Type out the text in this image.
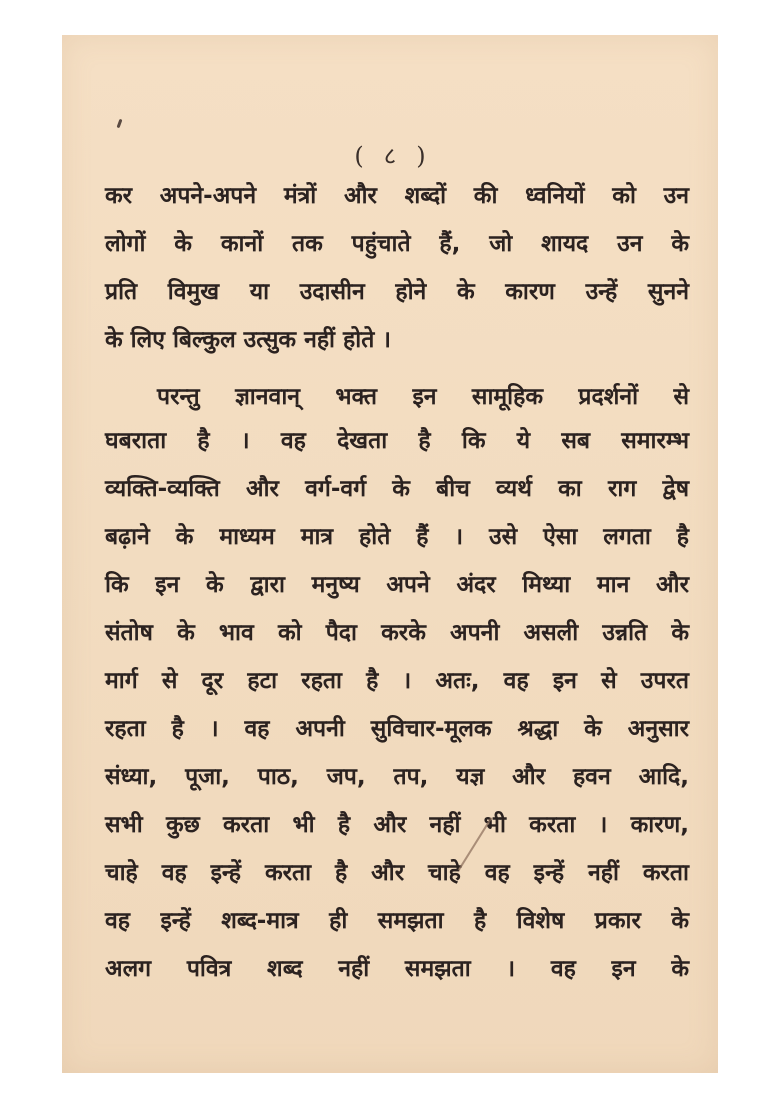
( ८ )
कर अपने-अपने मंत्रों और शब्दों की ध्वनियों को उन
लोगों के कानों तक पहुंचाते हैं, जो शायद उन के
प्रति विमुख या उदासीन होने के कारण उन्हें सुनने
के लिए बिल्कुल उत्सुक नहीं होते ।
परन्तु ज्ञानवान् भक्त इन सामूहिक प्रदर्शनों से
घबराता है । वह देखता है कि ये सब समारम्भ
व्यक्ति-व्यक्ति और वर्ग-वर्ग के बीच व्यर्थ का राग द्वेष
बढ़ाने के माध्यम मात्र होते हैं । उसे ऐसा लगता है
कि इन के द्वारा मनुष्य अपने अंदर मिथ्या मान और
संतोष के भाव को पैदा करके अपनी असली उन्नति के
मार्ग से दूर हटा रहता है । अतः, वह इन से उपरत
रहता है । वह अपनी सुविचार-मूलक श्रद्धा के अनुसार
संध्या, पूजा, पाठ, जप, तप, यज्ञ और हवन आदि,
सभी कुछ करता भी है और नहीं भी करता । कारण,
चाहे वह इन्हें करता है और चाहे वह इन्हें नहीं करता
वह इन्हें शब्द-मात्र ही समझता है विशेष प्रकार के
अलग पवित्र शब्द नहीं समझता । वह इन के
